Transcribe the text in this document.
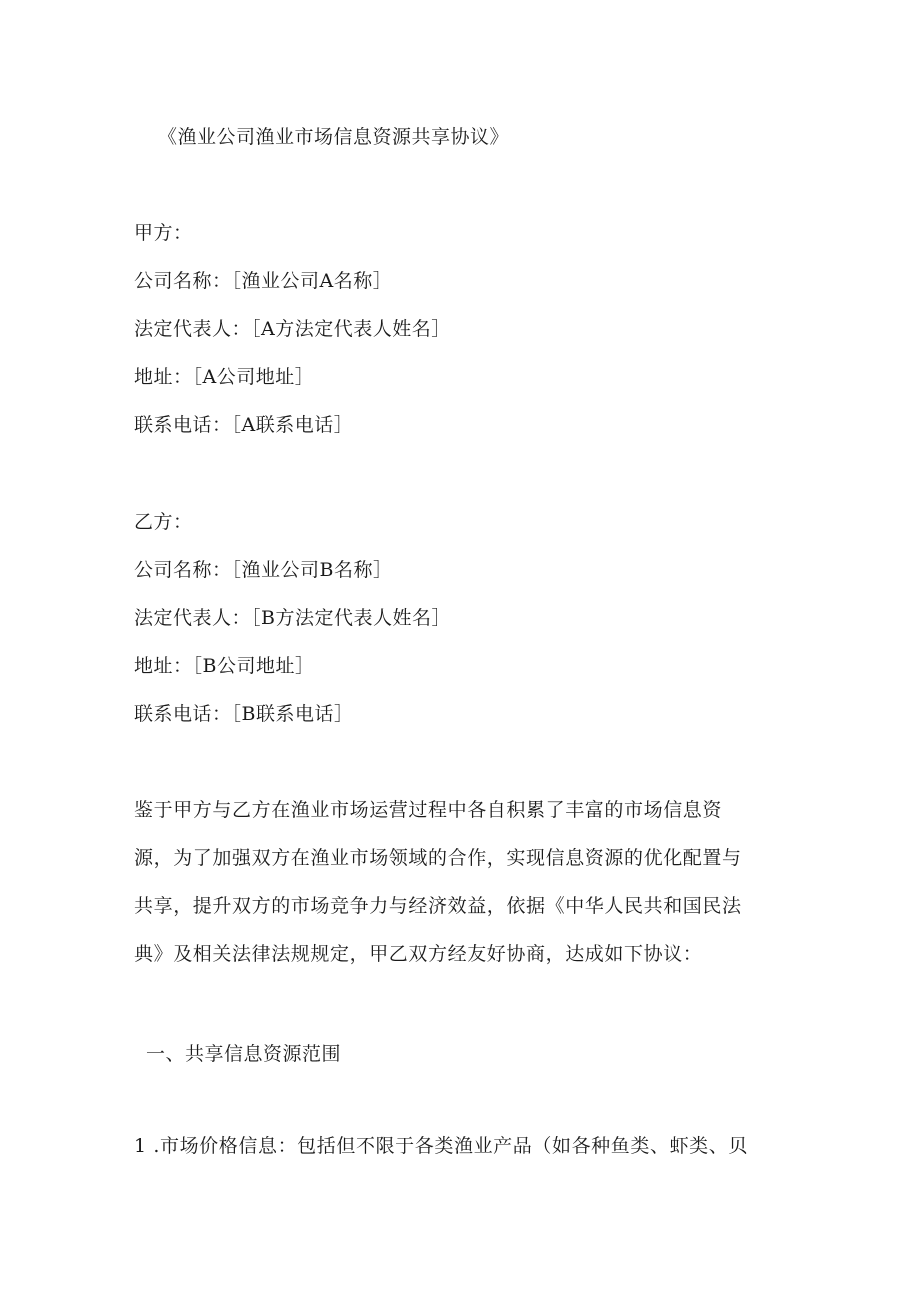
《渔业公司渔业市场信息资源共享协议》
甲方：
公司名称：［渔业公司A名称］
法定代表人：［A方法定代表人姓名］
地址：［A公司地址］
联系电话：［A联系电话］
乙方：
公司名称：［渔业公司B名称］
法定代表人：［B方法定代表人姓名］
地址：［B公司地址］
联系电话：［B联系电话］
鉴于甲方与乙方在渔业市场运营过程中各自积累了丰富的市场信息资
源，为了加强双方在渔业市场领域的合作，实现信息资源的优化配置与
共享，提升双方的市场竞争力与经济效益，依据《中华人民共和国民法
典》及相关法律法规规定，甲乙双方经友好协商，达成如下协议：
一、共享信息资源范围
1 .市场价格信息：包括但不限于各类渔业产品（如各种鱼类、虾类、贝
